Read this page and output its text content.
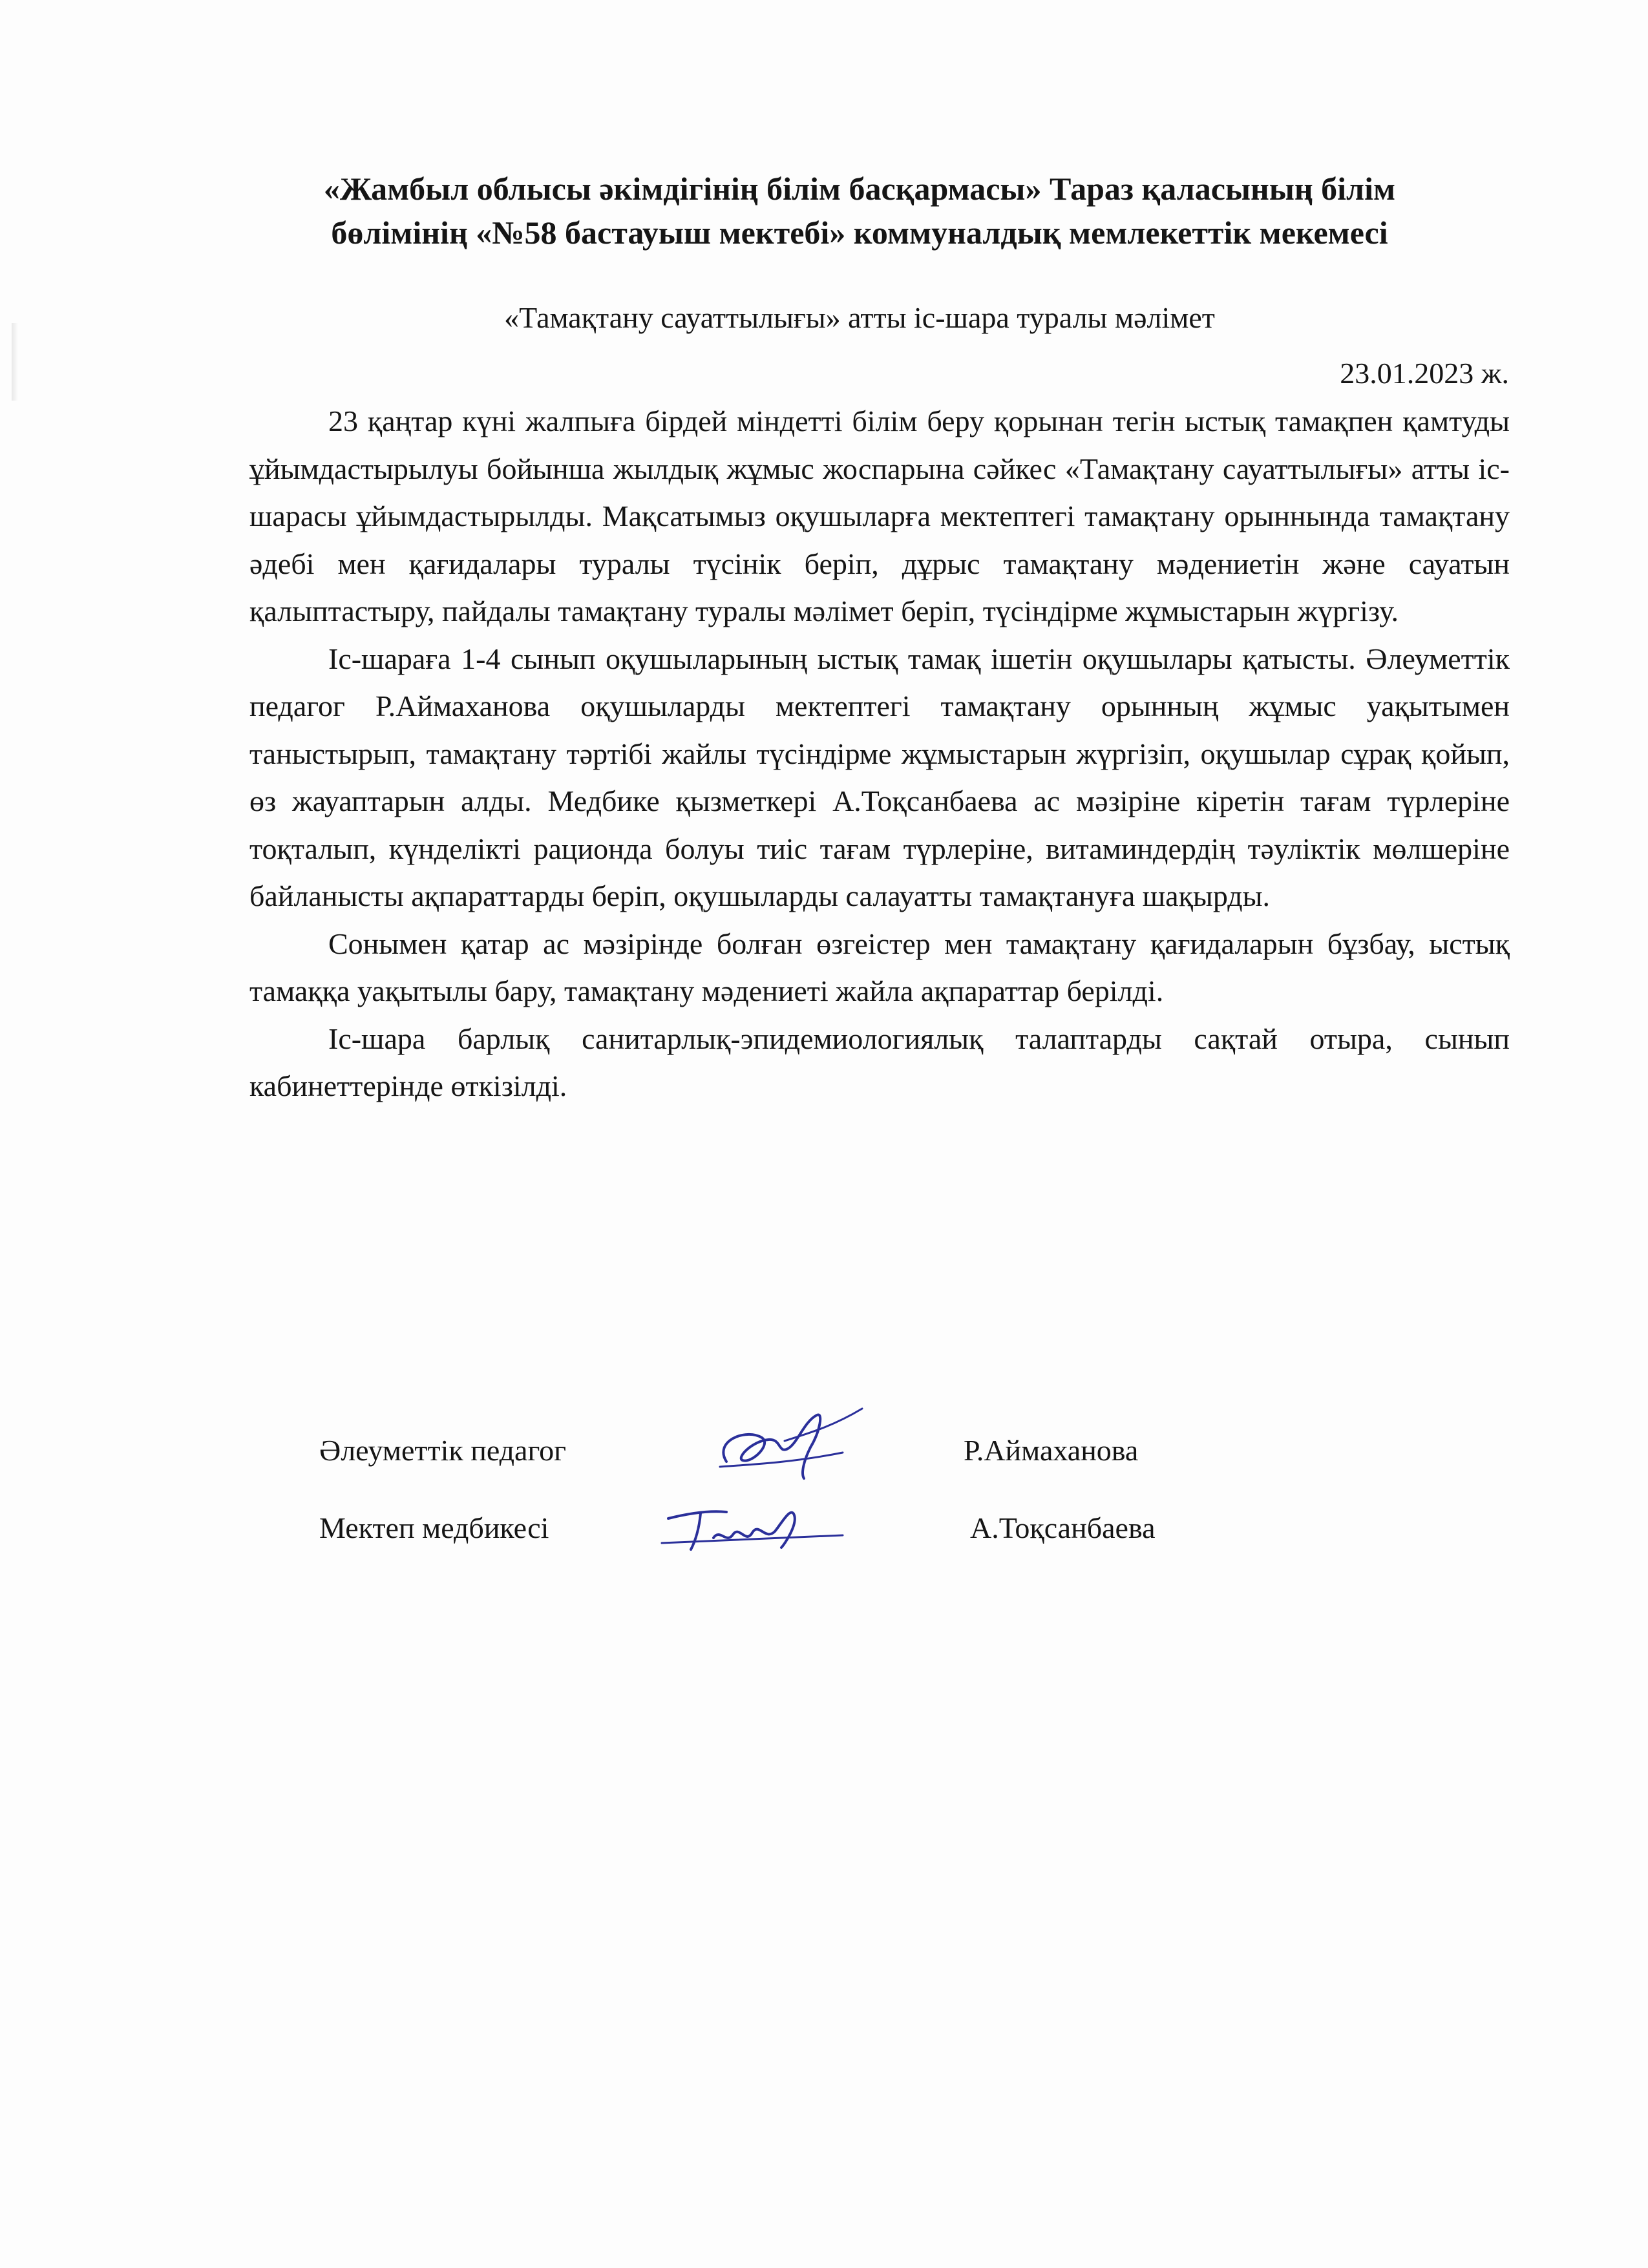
«Жамбыл облысы әкімдігінің білім басқармасы» Тараз қаласының білім
бөлімінің «№58 бастауыш мектебі» коммуналдық мемлекеттік мекемесі
«Тамақтану сауаттылығы» атты іс-шара туралы мәлімет
23.01.2023 ж.

23 қаңтар күні жалпыға бірдей міндетті білім беру қорынан тегін ыстық тамақпен қамтуды ұйымдастырылуы бойынша жылдық жұмыс жоспарына сәйкес «Тамақтану сауаттылығы» атты іс-шарасы ұйымдастырылды. Мақсатымыз оқушыларға мектептегі тамақтану орыннында тамақтану әдебі мен қағидалары туралы түсінік беріп, дұрыс тамақтану мәдениетін және сауатын қалыптастыру, пайдалы тамақтану туралы мәлімет беріп, түсіндірме жұмыстарын жүргізу.

Іс-шараға 1-4 сынып оқушыларының ыстық тамақ ішетін оқушылары қатысты. Әлеуметтік педагог Р.Аймаханова оқушыларды мектептегі тамақтану орынның жұмыс уақытымен таныстырып, тамақтану тәртібі жайлы түсіндірме жұмыстарын жүргізіп, оқушылар сұрақ қойып, өз жауаптарын алды. Медбике қызметкері А.Тоқсанбаева ас мәзіріне кіретін тағам түрлеріне тоқталып, күнделікті рационда болуы тиіс тағам түрлеріне, витаминдердің тәуліктік мөлшеріне байланысты ақпараттарды беріп, оқушыларды салауатты тамақтануға шақырды.

Сонымен қатар ас мәзірінде болған өзгеістер мен тамақтану қағидаларын бұзбау, ыстық тамаққа уақытылы бару, тамақтану мәдениеті жайла ақпараттар берілді.

Іс-шара барлық санитарлық-эпидемиологиялық талаптарды сақтай отыра, сынып кабинеттерінде өткізілді.

Әлеуметтік педагог	Р.Аймаханова
Мектеп медбикесі	А.Тоқсанбаева
